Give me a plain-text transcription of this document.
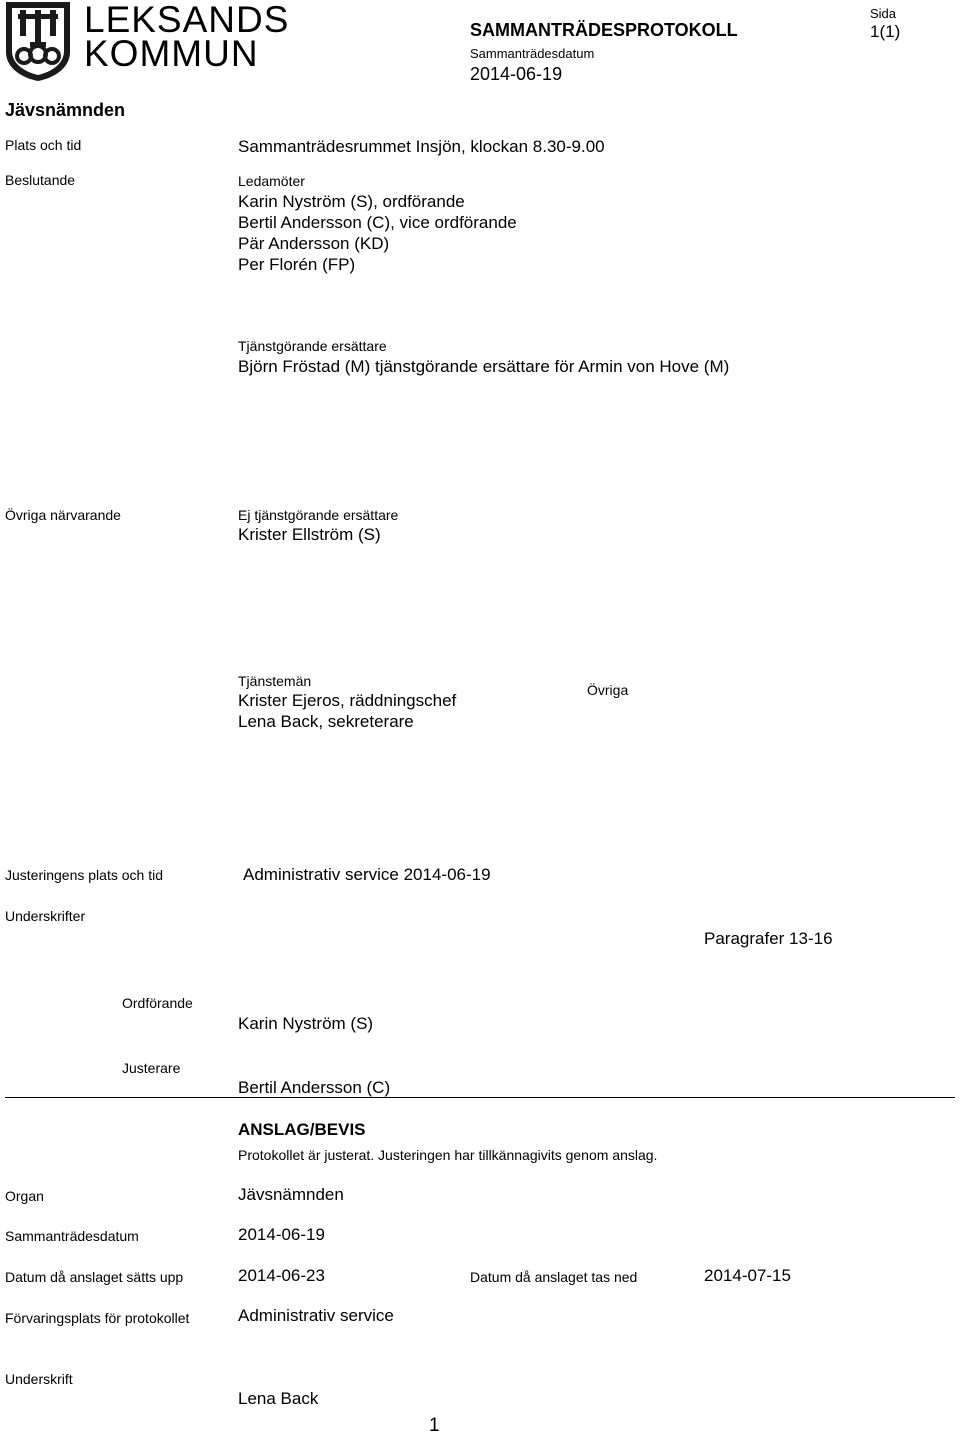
LEKSANDS
KOMMUN
SAMMANTRÄDESPROTOKOLL
Sammanträdesdatum
2014-06-19
Sida
1(1)
Jävsnämnden
Plats och tid	Sammanträdesrummet Insjön, klockan 8.30-9.00
Beslutande	Ledamöter
Karin Nyström (S), ordförande
Bertil Andersson (C), vice ordförande
Pär Andersson (KD)
Per Florén (FP)
Tjänstgörande ersättare
Björn Fröstad (M) tjänstgörande ersättare för Armin von Hove (M)
Övriga närvarande	Ej tjänstgörande ersättare
Krister Ellström (S)
Tjänstemän
Krister Ejeros, räddningschef
Lena Back, sekreterare
Övriga
Justeringens plats och tid	Administrativ service 2014-06-19
Underskrifter
Paragrafer 13-16
Ordförande
Karin Nyström (S)
Justerare
Bertil Andersson (C)
ANSLAG/BEVIS
Protokollet är justerat. Justeringen har tillkännagivits genom anslag.
Organ	Jävsnämnden
Sammanträdesdatum	2014-06-19
Datum då anslaget sätts upp	2014-06-23	Datum då anslaget tas ned	2014-07-15
Förvaringsplats för protokollet	Administrativ service
Underskrift
Lena Back
1
